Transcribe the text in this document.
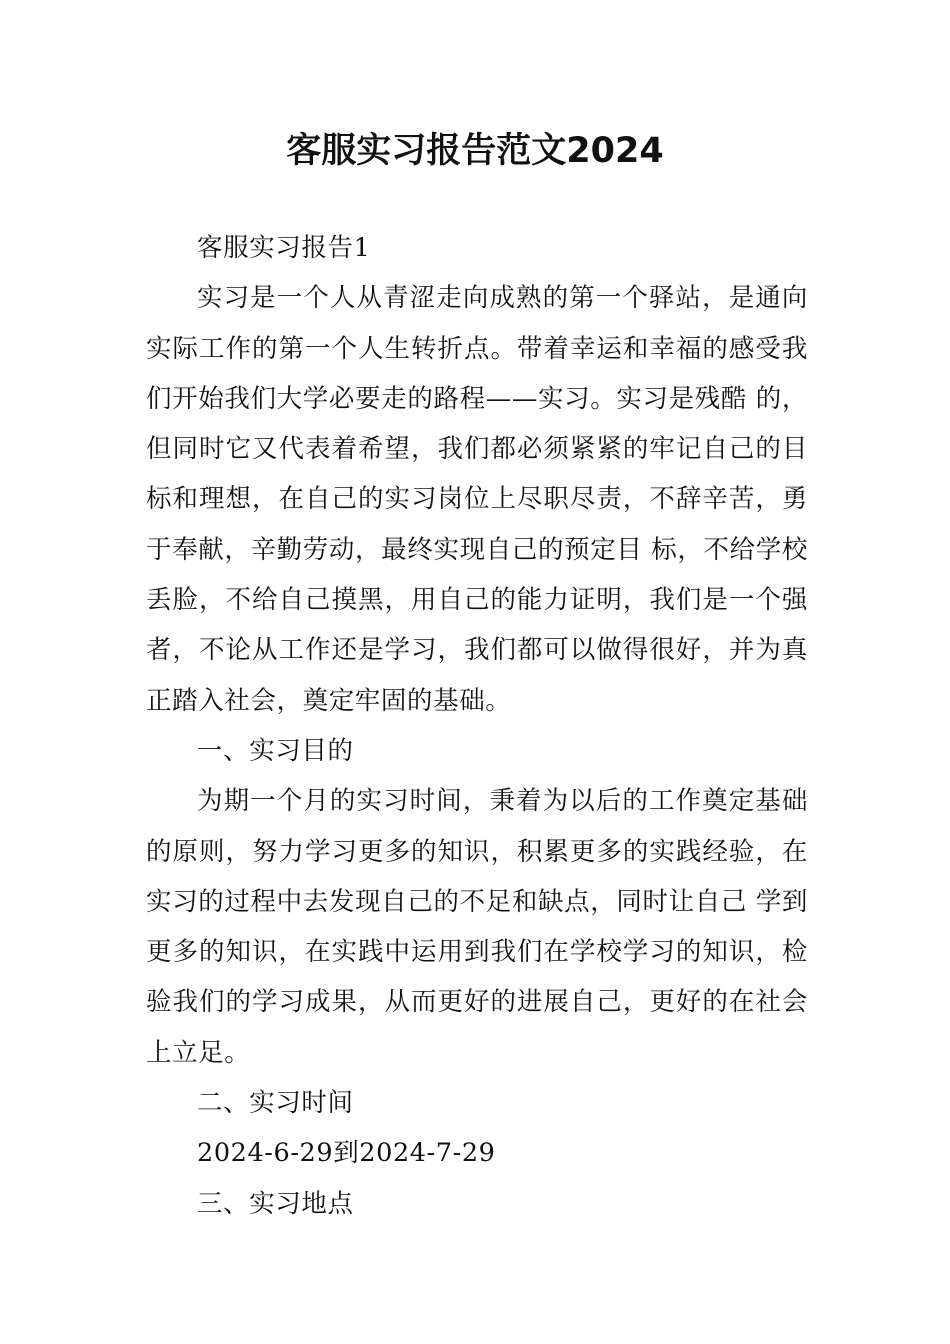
客服实习报告范文2024

客服实习报告1

实习是一个人从青涩走向成熟的第一个驿站，是通向实际工作的第一个人生转折点。带着幸运和幸福的感受我们开始我们大学必要走的路程——实习。实习是残酷 的，但同时它又代表着希望，我们都必须紧紧的牢记自己的目标和理想，在自己的实习岗位上尽职尽责，不辞辛苦，勇于奉献，辛勤劳动，最终实现自己的预定目 标，不给学校丢脸，不给自己摸黑，用自己的能力证明，我们是一个强者，不论从工作还是学习，我们都可以做得很好，并为真正踏入社会，奠定牢固的基础。

一、实习目的

为期一个月的实习时间，秉着为以后的工作奠定基础的原则，努力学习更多的知识，积累更多的实践经验，在实习的过程中去发现自己的不足和缺点，同时让自己 学到更多的知识，在实践中运用到我们在学校学习的知识，检验我们的学习成果，从而更好的进展自己，更好的在社会上立足。

二、实习时间

2024-6-29到2024-7-29

三、实习地点
